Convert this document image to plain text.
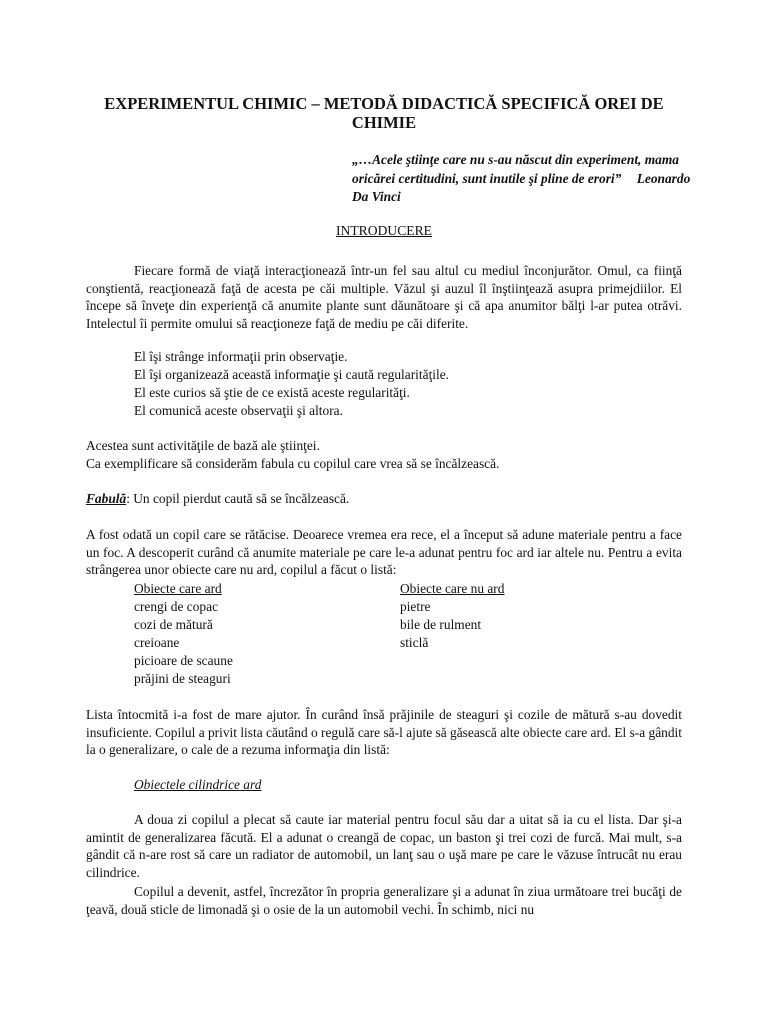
EXPERIMENTUL CHIMIC – METODĂ DIDACTICĂ SPECIFICĂ OREI DE CHIMIE
„…Acele ştiinţe care nu s-au născut din experiment, mama oricărei certitudini, sunt inutile şi pline de erori” Leonardo Da Vinci
INTRODUCERE
Fiecare formă de viaţă interacţionează într-un fel sau altul cu mediul înconjurător. Omul, ca fiinţă conştientă, reacţionează faţă de acesta pe căi multiple. Văzul şi auzul îl înştiinţează asupra primejdiilor. El începe să înveţe din experienţă că anumite plante sunt dăunătoare şi că apa anumitor bălţi l-ar putea otrăvi. Intelectul îi permite omului să reacţioneze faţă de mediu pe căi diferite.
El îşi strânge informaţii prin observaţie.
El îşi organizează această informaţie şi caută regularităţile.
El este curios să ştie de ce există aceste regularităţi.
El comunică aceste observaţii şi altora.
Acestea sunt activităţile de bază ale ştiinţei.
Ca exemplificare să considerăm fabula cu copilul care vrea să se încălzească.
Fabulă: Un copil pierdut caută să se încălzească.
A fost odată un copil care se rătăcise. Deoarece vremea era rece, el a început să adune materiale pentru a face un foc. A descoperit curând că anumite materiale pe care le-a adunat pentru foc ard iar altele nu. Pentru a evita strângerea unor obiecte care nu ard, copilul a făcut o listă:
Obiecte care ard
crengi de copac
cozi de mătură
creioane
picioare de scaune
prăjini de steaguri
Obiecte care nu ard
pietre
bile de rulment
sticlă
Lista întocmită i-a fost de mare ajutor. În curând însă prăjinile de steaguri şi cozile de mătură s-au dovedit insuficiente. Copilul a privit lista căutând o regulă care să-l ajute să găsească alte obiecte care ard. El s-a gândit la o generalizare, o cale de a rezuma informaţia din listă:
Obiectele cilindrice ard
A doua zi copilul a plecat să caute iar material pentru focul său dar a uitat să ia cu el lista. Dar şi-a amintit de generalizarea făcută. El a adunat o creangă de copac, un baston şi trei cozi de furcă. Mai mult, s-a gândit că n-are rost să care un radiator de automobil, un lanţ sau o uşă mare pe care le văzuse întrucât nu erau cilindrice.
Copilul a devenit, astfel, încrezător în propria generalizare şi a adunat în ziua următoare trei bucăţi de ţeavă, două sticle de limonadă şi o osie de la un automobil vechi. În schimb, nici nu
